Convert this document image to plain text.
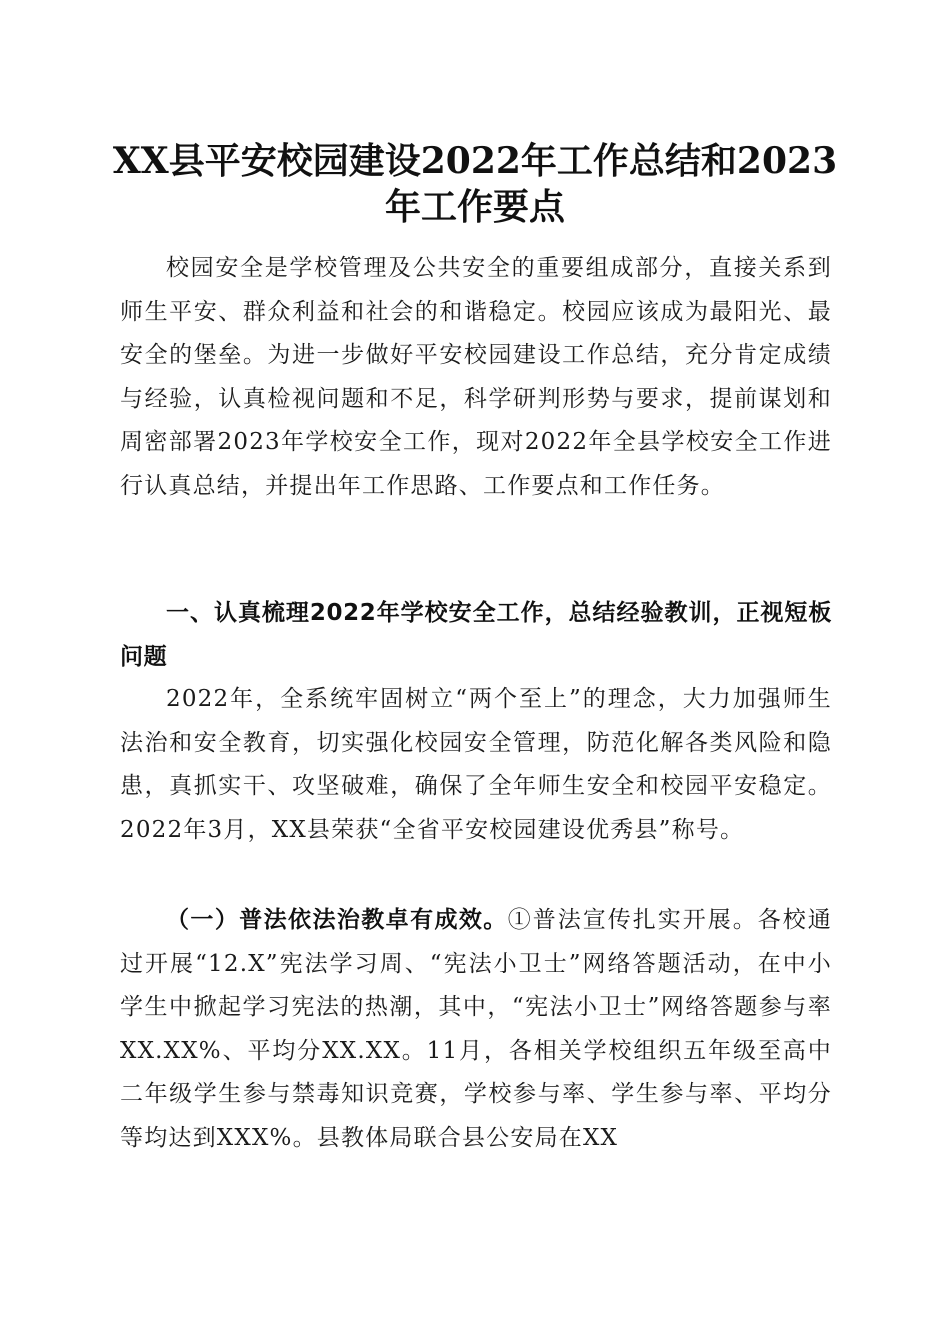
XX县平安校园建设2022年工作总结和2023年工作要点

校园安全是学校管理及公共安全的重要组成部分，直接关系到师生平安、群众利益和社会的和谐稳定。校园应该成为最阳光、最安全的堡垒。为进一步做好平安校园建设工作总结，充分肯定成绩与经验，认真检视问题和不足，科学研判形势与要求，提前谋划和周密部署2023年学校安全工作，现对2022年全县学校安全工作进行认真总结，并提出年工作思路、工作要点和工作任务。

一、认真梳理2022年学校安全工作，总结经验教训，正视短板问题

2022年，全系统牢固树立“两个至上”的理念，大力加强师生法治和安全教育，切实强化校园安全管理，防范化解各类风险和隐患，真抓实干、攻坚破难，确保了全年师生安全和校园平安稳定。2022年3月，XX县荣获“全省平安校园建设优秀县”称号。

（一）普法依法治教卓有成效。①普法宣传扎实开展。各校通过开展“12.X”宪法学习周、“宪法小卫士”网络答题活动，在中小学生中掀起学习宪法的热潮，其中，“宪法小卫士”网络答题参与率XX.XX%、平均分XX.XX。11月，各相关学校组织五年级至高中二年级学生参与禁毒知识竞赛，学校参与率、学生参与率、平均分等均达到XXX%。县教体局联合县公安局在XX
